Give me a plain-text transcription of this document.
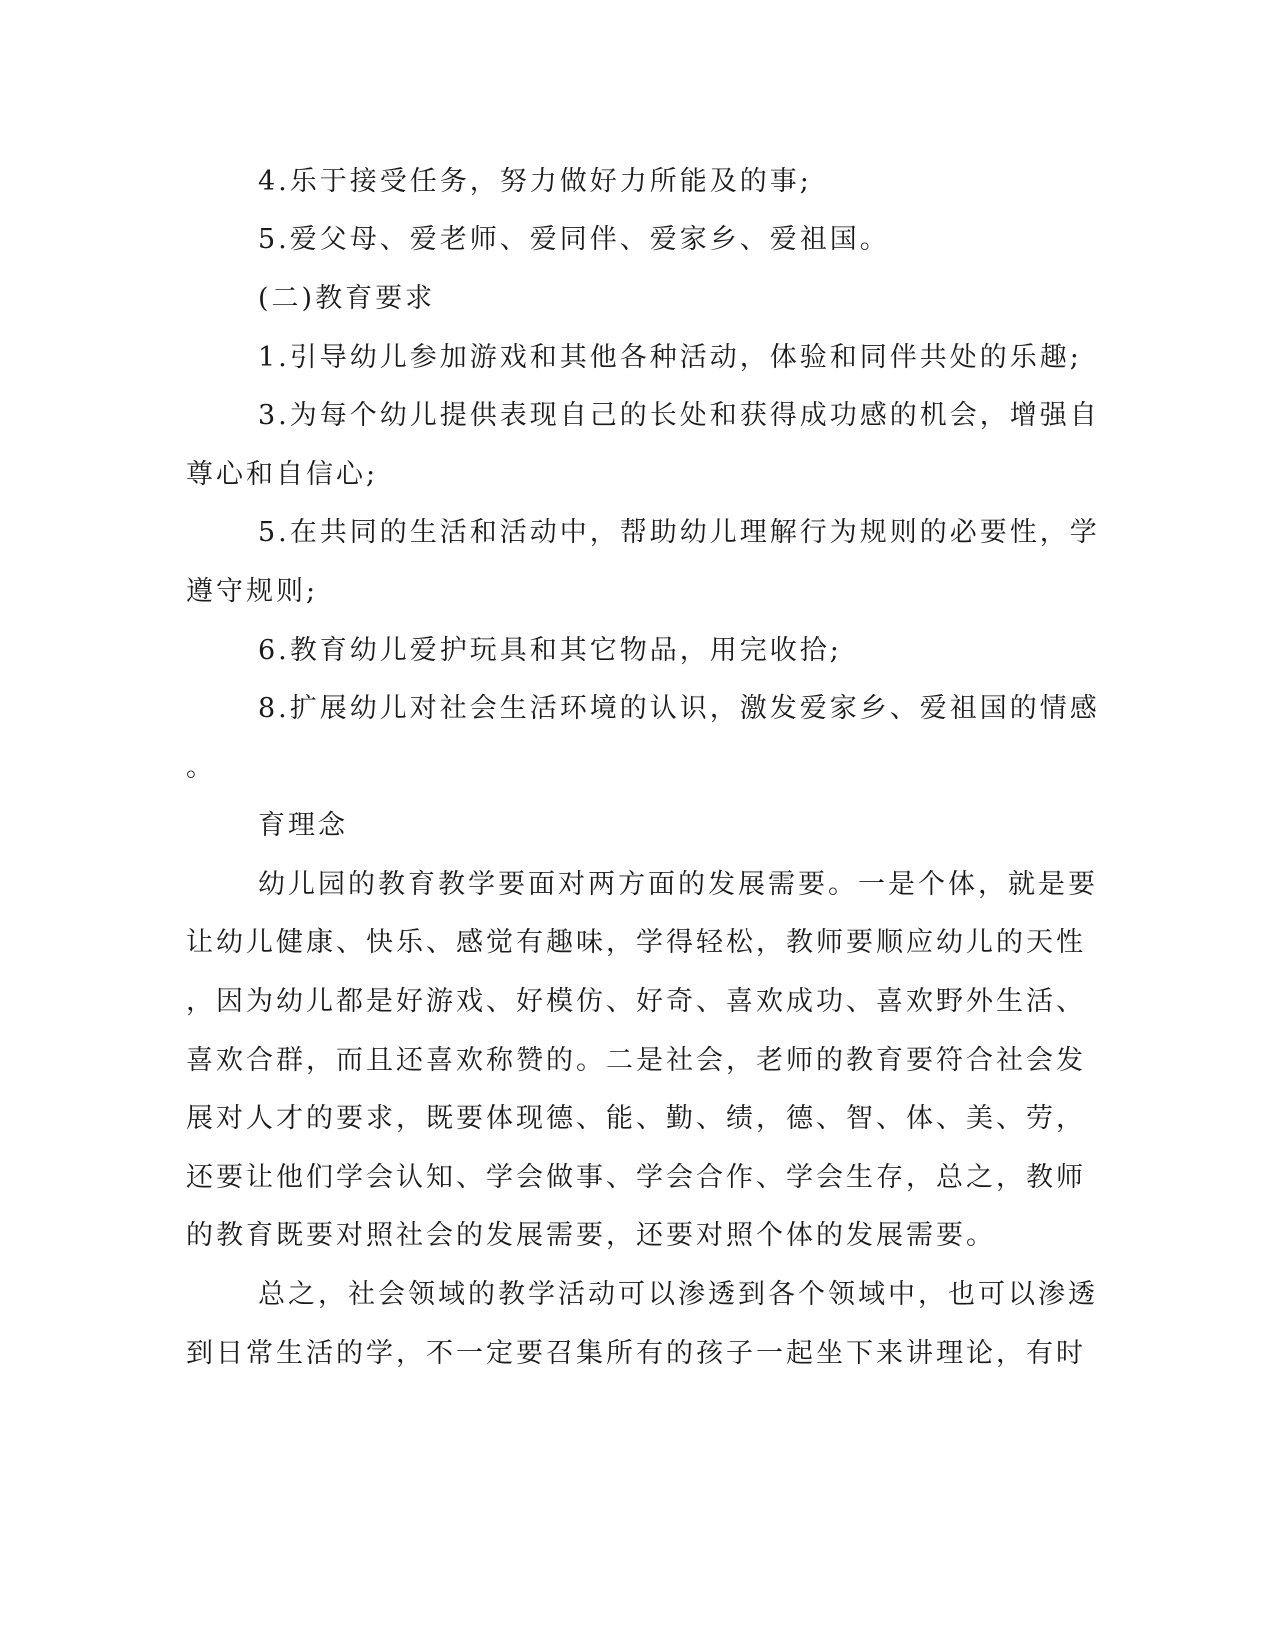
4.乐于接受任务，努力做好力所能及的事;
5.爱父母、爱老师、爱同伴、爱家乡、爱祖国。
(二)教育要求
1.引导幼儿参加游戏和其他各种活动，体验和同伴共处的乐趣;
3.为每个幼儿提供表现自己的长处和获得成功感的机会，增强自
尊心和自信心;
5.在共同的生活和活动中，帮助幼儿理解行为规则的必要性，学
遵守规则;
6.教育幼儿爱护玩具和其它物品，用完收拾;
8.扩展幼儿对社会生活环境的认识，激发爱家乡、爱祖国的情感
。
育理念
幼儿园的教育教学要面对两方面的发展需要。一是个体，就是要
让幼儿健康、快乐、感觉有趣味，学得轻松，教师要顺应幼儿的天性
，因为幼儿都是好游戏、好模仿、好奇、喜欢成功、喜欢野外生活、
喜欢合群，而且还喜欢称赞的。二是社会，老师的教育要符合社会发
展对人才的要求，既要体现德、能、勤、绩，德、智、体、美、劳，
还要让他们学会认知、学会做事、学会合作、学会生存，总之，教师
的教育既要对照社会的发展需要，还要对照个体的发展需要。
总之，社会领域的教学活动可以渗透到各个领域中，也可以渗透
到日常生活的学，不一定要召集所有的孩子一起坐下来讲理论，有时
